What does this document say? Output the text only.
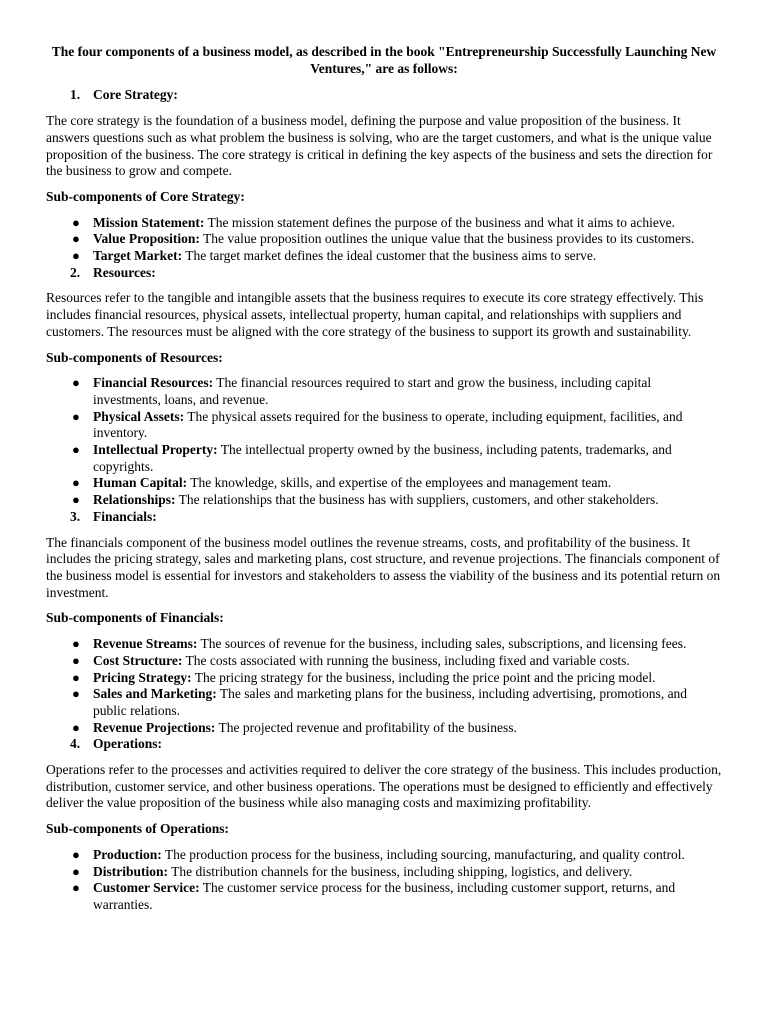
The four components of a business model, as described in the book "Entrepreneurship Successfully Launching New Ventures," are as follows:

1. Core Strategy:

The core strategy is the foundation of a business model, defining the purpose and value proposition of the business. It answers questions such as what problem the business is solving, who are the target customers, and what is the unique value proposition of the business. The core strategy is critical in defining the key aspects of the business and sets the direction for the business to grow and compete.

Sub-components of Core Strategy:

● Mission Statement: The mission statement defines the purpose of the business and what it aims to achieve.
● Value Proposition: The value proposition outlines the unique value that the business provides to its customers.
● Target Market: The target market defines the ideal customer that the business aims to serve.

2. Resources:

Resources refer to the tangible and intangible assets that the business requires to execute its core strategy effectively. This includes financial resources, physical assets, intellectual property, human capital, and relationships with suppliers and customers. The resources must be aligned with the core strategy of the business to support its growth and sustainability.

Sub-components of Resources:

● Financial Resources: The financial resources required to start and grow the business, including capital investments, loans, and revenue.
● Physical Assets: The physical assets required for the business to operate, including equipment, facilities, and inventory.
● Intellectual Property: The intellectual property owned by the business, including patents, trademarks, and copyrights.
● Human Capital: The knowledge, skills, and expertise of the employees and management team.
● Relationships: The relationships that the business has with suppliers, customers, and other stakeholders.

3. Financials:

The financials component of the business model outlines the revenue streams, costs, and profitability of the business. It includes the pricing strategy, sales and marketing plans, cost structure, and revenue projections. The financials component of the business model is essential for investors and stakeholders to assess the viability of the business and its potential return on investment.

Sub-components of Financials:

● Revenue Streams: The sources of revenue for the business, including sales, subscriptions, and licensing fees.
● Cost Structure: The costs associated with running the business, including fixed and variable costs.
● Pricing Strategy: The pricing strategy for the business, including the price point and the pricing model.
● Sales and Marketing: The sales and marketing plans for the business, including advertising, promotions, and public relations.
● Revenue Projections: The projected revenue and profitability of the business.

4. Operations:

Operations refer to the processes and activities required to deliver the core strategy of the business. This includes production, distribution, customer service, and other business operations. The operations must be designed to efficiently and effectively deliver the value proposition of the business while also managing costs and maximizing profitability.

Sub-components of Operations:

● Production: The production process for the business, including sourcing, manufacturing, and quality control.
● Distribution: The distribution channels for the business, including shipping, logistics, and delivery.
● Customer Service: The customer service process for the business, including customer support, returns, and warranties.
